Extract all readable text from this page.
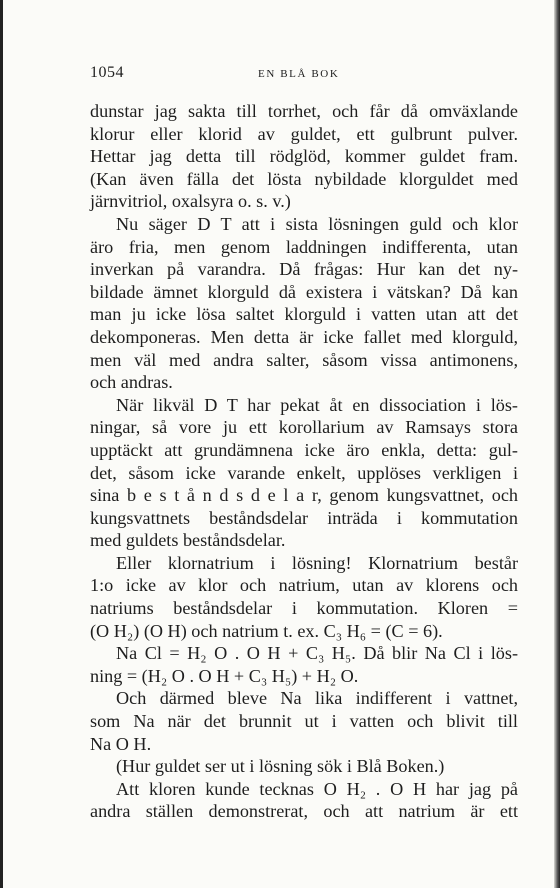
1054	EN BLÅ BOK
dunstar jag sakta till torrhet, och får då omväxlande
klorur eller klorid av guldet, ett gulbrunt pulver.
Hettar jag detta till rödglöd, kommer guldet fram.
(Kan även fälla det lösta nybildade klorguldet med
järnvitriol, oxalsyra o. s. v.)
Nu säger D T att i sista lösningen guld och klor
äro fria, men genom laddningen indifferenta, utan
inverkan på varandra. Då frågas: Hur kan det ny-
bildade ämnet klorguld då existera i vätskan? Då kan
man ju icke lösa saltet klorguld i vatten utan att det
dekomponeras. Men detta är icke fallet med klorguld,
men väl med andra salter, såsom vissa antimonens,
och andras.
När likväl D T har pekat åt en dissociation i lös-
ningar, så vore ju ett korollarium av Ramsays stora
upptäckt att grundämnena icke äro enkla, detta: gul-
det, såsom icke varande enkelt, upplöses verkligen i
sina b e s t å n d s d e l a r, genom kungsvattnet, och
kungsvattnets beståndsdelar inträda i kommutation
med guldets beståndsdelar.
Eller klornatrium i lösning! Klornatrium består
1:o icke av klor och natrium, utan av klorens och
natriums beståndsdelar i kommutation. Kloren =
(O H₂) (O H) och natrium t. ex. C₃ H₆ = (C = 6).
Na Cl = H₂ O . O H + C₃ H₅. Då blir Na Cl i lös-
ning = (H₂ O . O H + C₃ H₅) + H₂ O.
Och därmed bleve Na lika indifferent i vattnet,
som Na när det brunnit ut i vatten och blivit till
Na O H.
(Hur guldet ser ut i lösning sök i Blå Boken.)
Att kloren kunde tecknas O H₂ . O H har jag på
andra ställen demonstrerat, och att natrium är ett
